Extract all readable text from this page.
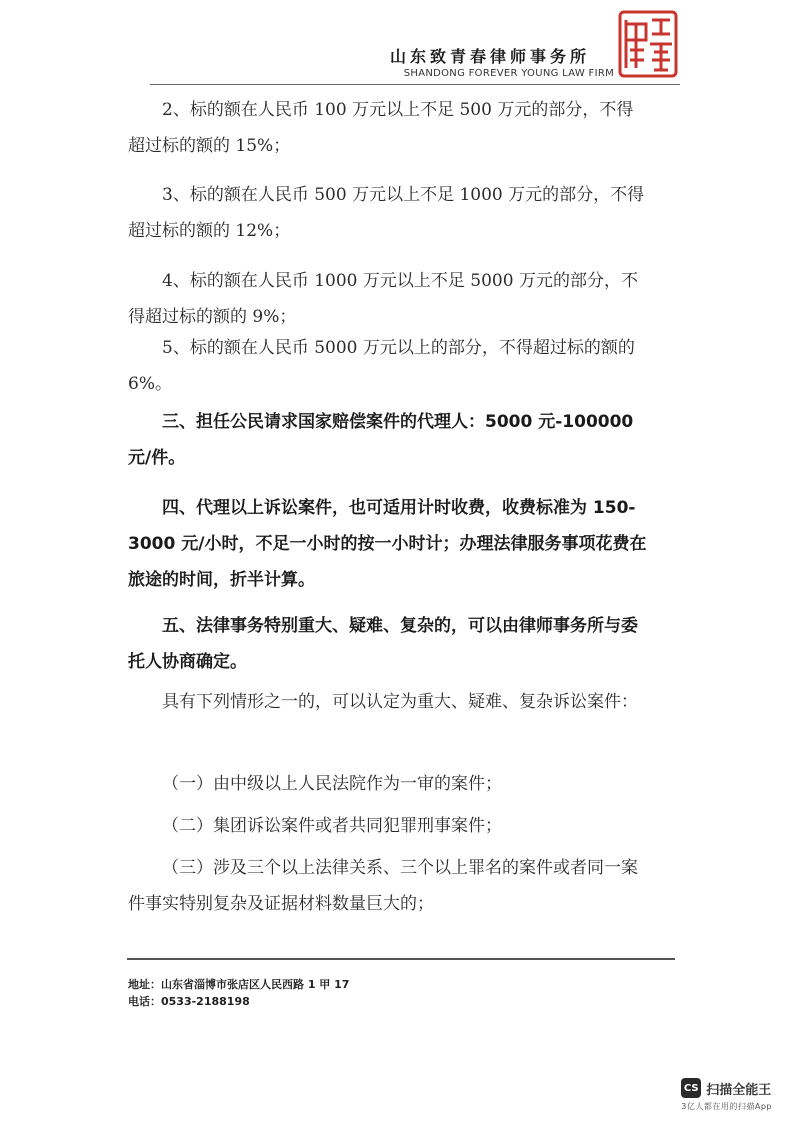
山东致青春律师事务所
SHANDONG FOREVER YOUNG LAW FIRM

2、标的额在人民币 100 万元以上不足 500 万元的部分，不得超过标的额的 15%；

3、标的额在人民币 500 万元以上不足 1000 万元的部分，不得超过标的额的 12%；

4、标的额在人民币 1000 万元以上不足 5000 万元的部分，不得超过标的额的 9%；

5、标的额在人民币 5000 万元以上的部分，不得超过标的额的 6%。

三、担任公民请求国家赔偿案件的代理人：5000 元-100000 元/件。

四、代理以上诉讼案件，也可适用计时收费，收费标准为 150-3000 元/小时，不足一小时的按一小时计；办理法律服务事项花费在旅途的时间，折半计算。

五、法律事务特别重大、疑难、复杂的，可以由律师事务所与委托人协商确定。

具有下列情形之一的，可以认定为重大、疑难、复杂诉讼案件：

（一）由中级以上人民法院作为一审的案件；

（二）集团诉讼案件或者共同犯罪刑事案件；

（三）涉及三个以上法律关系、三个以上罪名的案件或者同一案件事实特别复杂及证据材料数量巨大的；

地址：山东省淄博市张店区人民西路 1 甲 17
电话：0533-2188198
CS 扫描全能王
3亿人都在用的扫描App
